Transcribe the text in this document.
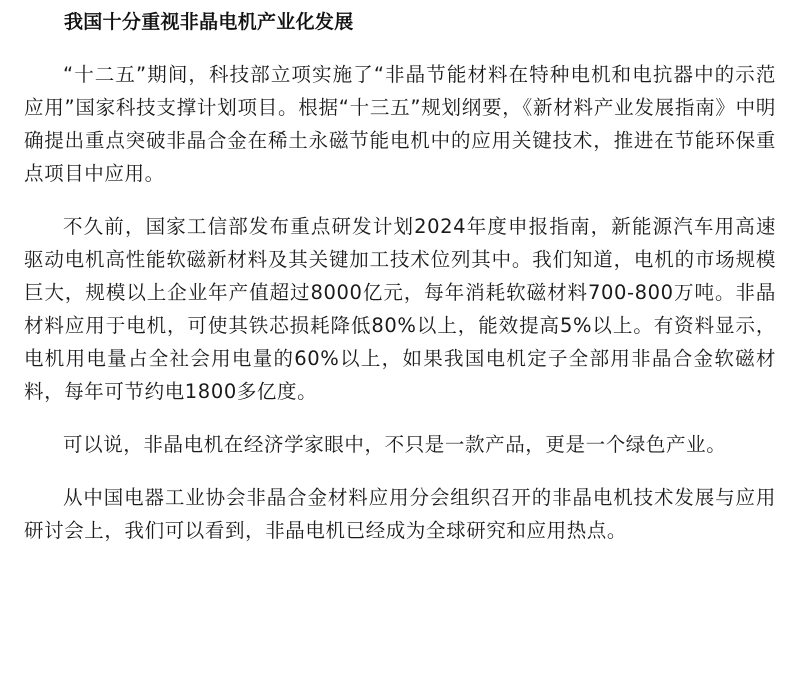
我国十分重视非晶电机产业化发展

“十二五”期间，科技部立项实施了“非晶节能材料在特种电机和电抗器中的示范应用”国家科技支撑计划项目。根据“十三五”规划纲要，《新材料产业发展指南》中明确提出重点突破非晶合金在稀土永磁节能电机中的应用关键技术，推进在节能环保重点项目中应用。

不久前，国家工信部发布重点研发计划2024年度申报指南，新能源汽车用高速驱动电机高性能软磁新材料及其关键加工技术位列其中。我们知道，电机的市场规模巨大，规模以上企业年产值超过8000亿元，每年消耗软磁材料700-800万吨。非晶材料应用于电机，可使其铁芯损耗降低80%以上，能效提高5%以上。有资料显示，电机用电量占全社会用电量的60%以上，如果我国电机定子全部用非晶合金软磁材料，每年可节约电1800多亿度。

可以说，非晶电机在经济学家眼中，不只是一款产品，更是一个绿色产业。

从中国电器工业协会非晶合金材料应用分会组织召开的非晶电机技术发展与应用研讨会上，我们可以看到，非晶电机已经成为全球研究和应用热点。
